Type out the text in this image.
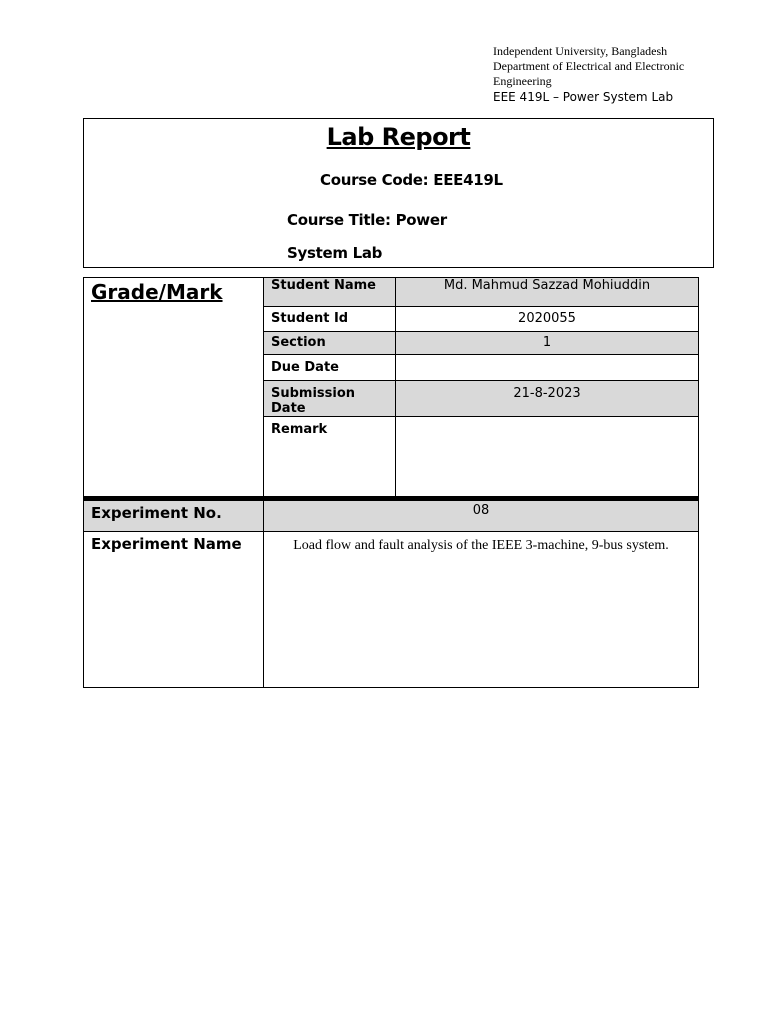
Independent University, Bangladesh
Department of Electrical and Electronic Engineering
EEE 419L – Power System Lab
Lab Report
Course Code: EEE419L
Course Title: Power System Lab
Grade/Mark	Student Name	Md. Mahmud Sazzad Mohiuddin
	Student Id	2020055
	Section	1
	Due Date	
	Submission Date	21-8-2023
	Remark	
Experiment No.	08	
Experiment Name	Load flow and fault analysis of the IEEE 3-machine, 9-bus system.	
